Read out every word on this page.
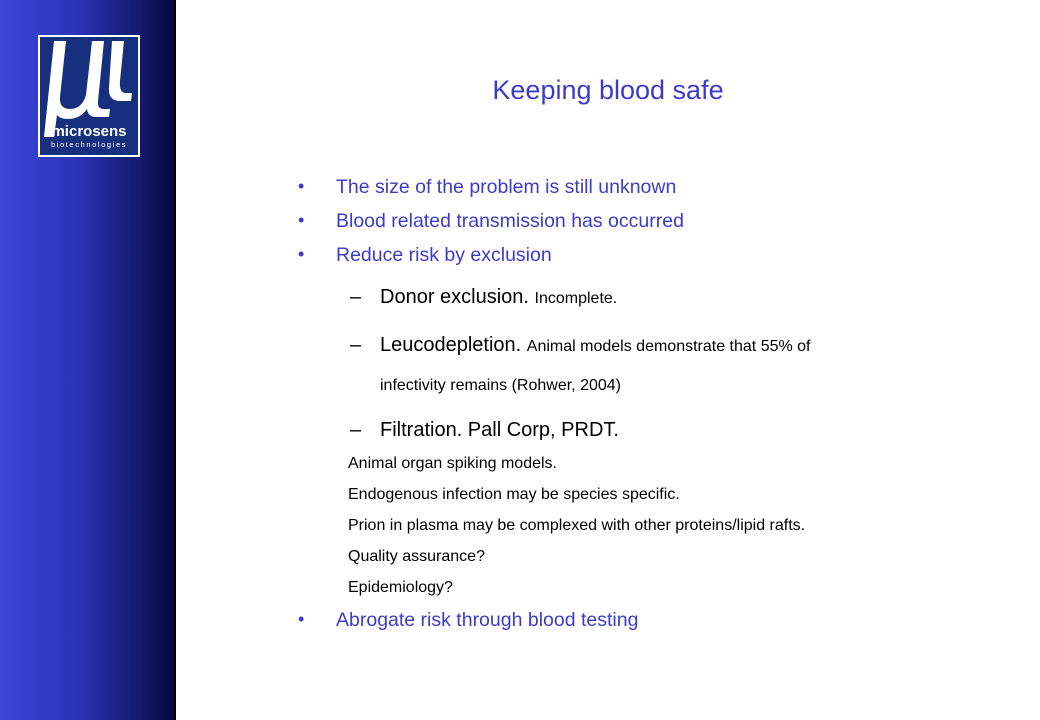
microsens
biotechnologies
Keeping blood safe
• The size of the problem is still unknown
• Blood related transmission has occurred
• Reduce risk by exclusion
– Donor exclusion. Incomplete.
– Leucodepletion. Animal models demonstrate that 55% of
infectivity remains (Rohwer, 2004)
– Filtration. Pall Corp, PRDT.
Animal organ spiking models.
Endogenous infection may be species specific.
Prion in plasma may be complexed with other proteins/lipid rafts.
Quality assurance?
Epidemiology?
• Abrogate risk through blood testing
